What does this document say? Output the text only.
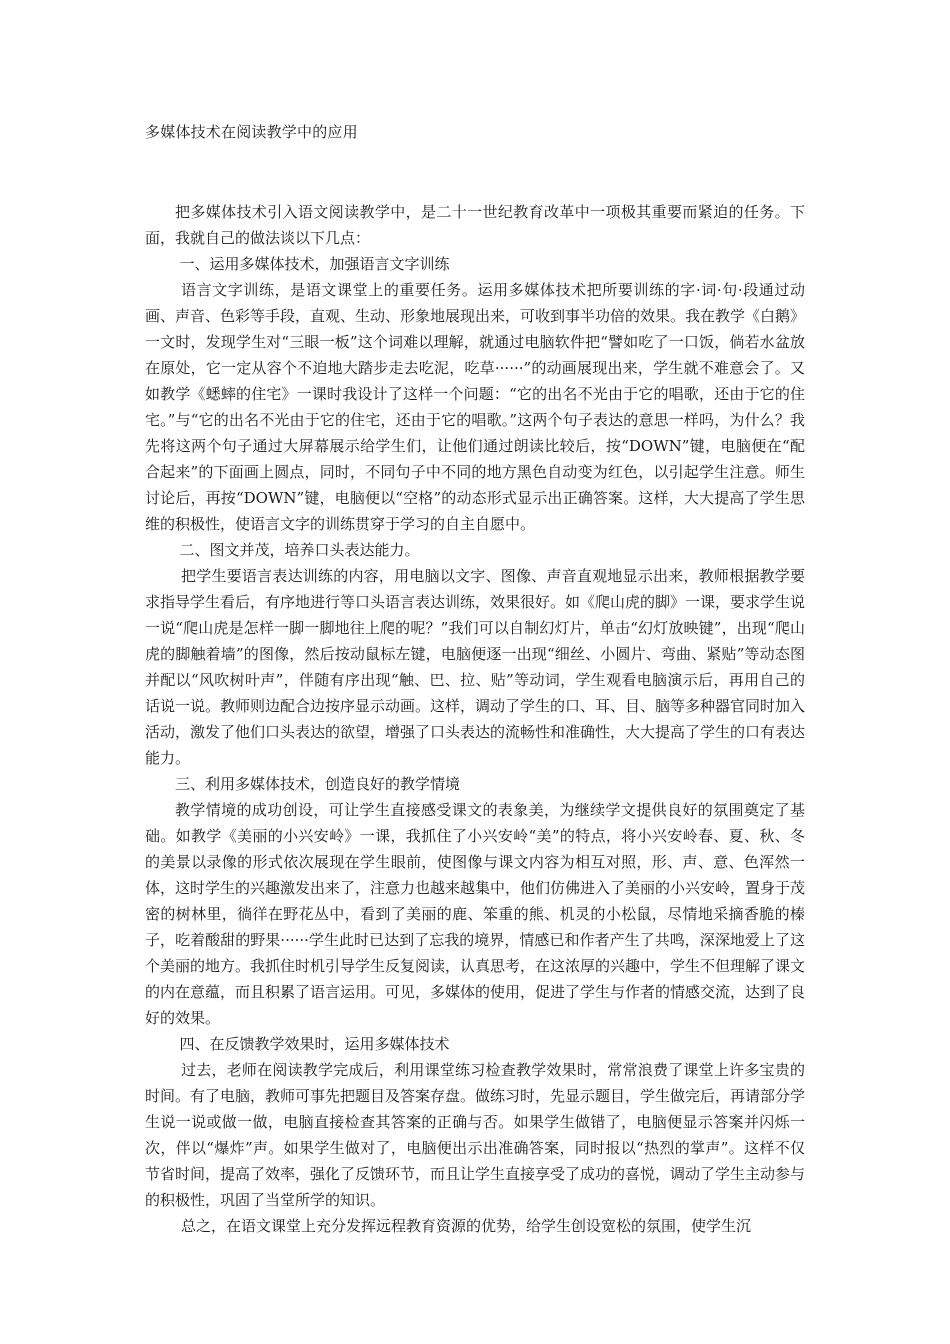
多媒体技术在阅读教学中的应用

把多媒体技术引入语文阅读教学中，是二十一世纪教育改革中一项极其重要而紧迫的任务。下面，我就自己的做法谈以下几点：

一、运用多媒体技术，加强语言文字训练

语言文字训练，是语文课堂上的重要任务。运用多媒体技术把所要训练的字·词·句·段通过动画、声音、色彩等手段，直观、生动、形象地展现出来，可收到事半功倍的效果。我在教学《白鹅》一文时，发现学生对“三眼一板”这个词难以理解，就通过电脑软件把“譬如吃了一口饭，倘若水盆放在原处，它一定从容个不迫地大踏步走去吃泥，吃草······”的动画展现出来，学生就不难意会了。又如教学《蟋蟀的住宅》一课时我设计了这样一个问题：“它的出名不光由于它的唱歌，还由于它的住宅。”与“它的出名不光由于它的住宅，还由于它的唱歌。”这两个句子表达的意思一样吗，为什么？我先将这两个句子通过大屏幕展示给学生们，让他们通过朗读比较后，按“DOWN”键，电脑便在“配合起来”的下面画上圆点，同时，不同句子中不同的地方黑色自动变为红色，以引起学生注意。师生讨论后，再按“DOWN”键，电脑便以“空格”的动态形式显示出正确答案。这样，大大提高了学生思维的积极性，使语言文字的训练贯穿于学习的自主自愿中。

二、图文并茂，培养口头表达能力。

把学生要语言表达训练的内容，用电脑以文字、图像、声音直观地显示出来，教师根据教学要求指导学生看后，有序地进行等口头语言表达训练，效果很好。如《爬山虎的脚》一课，要求学生说一说“爬山虎是怎样一脚一脚地往上爬的呢？”我们可以自制幻灯片，单击“幻灯放映键”，出现“爬山虎的脚触着墙”的图像，然后按动鼠标左键，电脑便逐一出现“细丝、小圆片、弯曲、紧贴”等动态图并配以“风吹树叶声”，伴随有序出现“触、巴、拉、贴”等动词，学生观看电脑演示后，再用自己的话说一说。教师则边配合边按序显示动画。这样，调动了学生的口、耳、目、脑等多种器官同时加入活动，激发了他们口头表达的欲望，增强了口头表达的流畅性和准确性，大大提高了学生的口有表达能力。

三、利用多媒体技术，创造良好的教学情境

教学情境的成功创设，可让学生直接感受课文的表象美，为继续学文提供良好的氛围奠定了基础。如教学《美丽的小兴安岭》一课，我抓住了小兴安岭“美”的特点，将小兴安岭春、夏、秋、冬的美景以录像的形式依次展现在学生眼前，使图像与课文内容为相互对照，形、声、意、色浑然一体，这时学生的兴趣激发出来了，注意力也越来越集中，他们仿佛进入了美丽的小兴安岭，置身于茂密的树林里，徜徉在野花丛中，看到了美丽的鹿、笨重的熊、机灵的小松鼠，尽情地采摘香脆的榛子，吃着酸甜的野果······学生此时已达到了忘我的境界，情感已和作者产生了共鸣，深深地爱上了这个美丽的地方。我抓住时机引导学生反复阅读，认真思考，在这浓厚的兴趣中，学生不但理解了课文的内在意蕴，而且积累了语言运用。可见，多媒体的使用，促进了学生与作者的情感交流，达到了良好的效果。

四、在反馈教学效果时，运用多媒体技术

过去，老师在阅读教学完成后，利用课堂练习检查教学效果时，常常浪费了课堂上许多宝贵的时间。有了电脑，教师可事先把题目及答案存盘。做练习时，先显示题目，学生做完后，再请部分学生说一说或做一做，电脑直接检查其答案的正确与否。如果学生做错了，电脑便显示答案并闪烁一次，伴以“爆炸”声。如果学生做对了，电脑便出示出准确答案，同时报以“热烈的掌声”。这样不仅节省时间，提高了效率，强化了反馈环节，而且让学生直接享受了成功的喜悦，调动了学生主动参与的积极性，巩固了当堂所学的知识。

总之，在语文课堂上充分发挥远程教育资源的优势，给学生创设宽松的氛围，使学生沉
